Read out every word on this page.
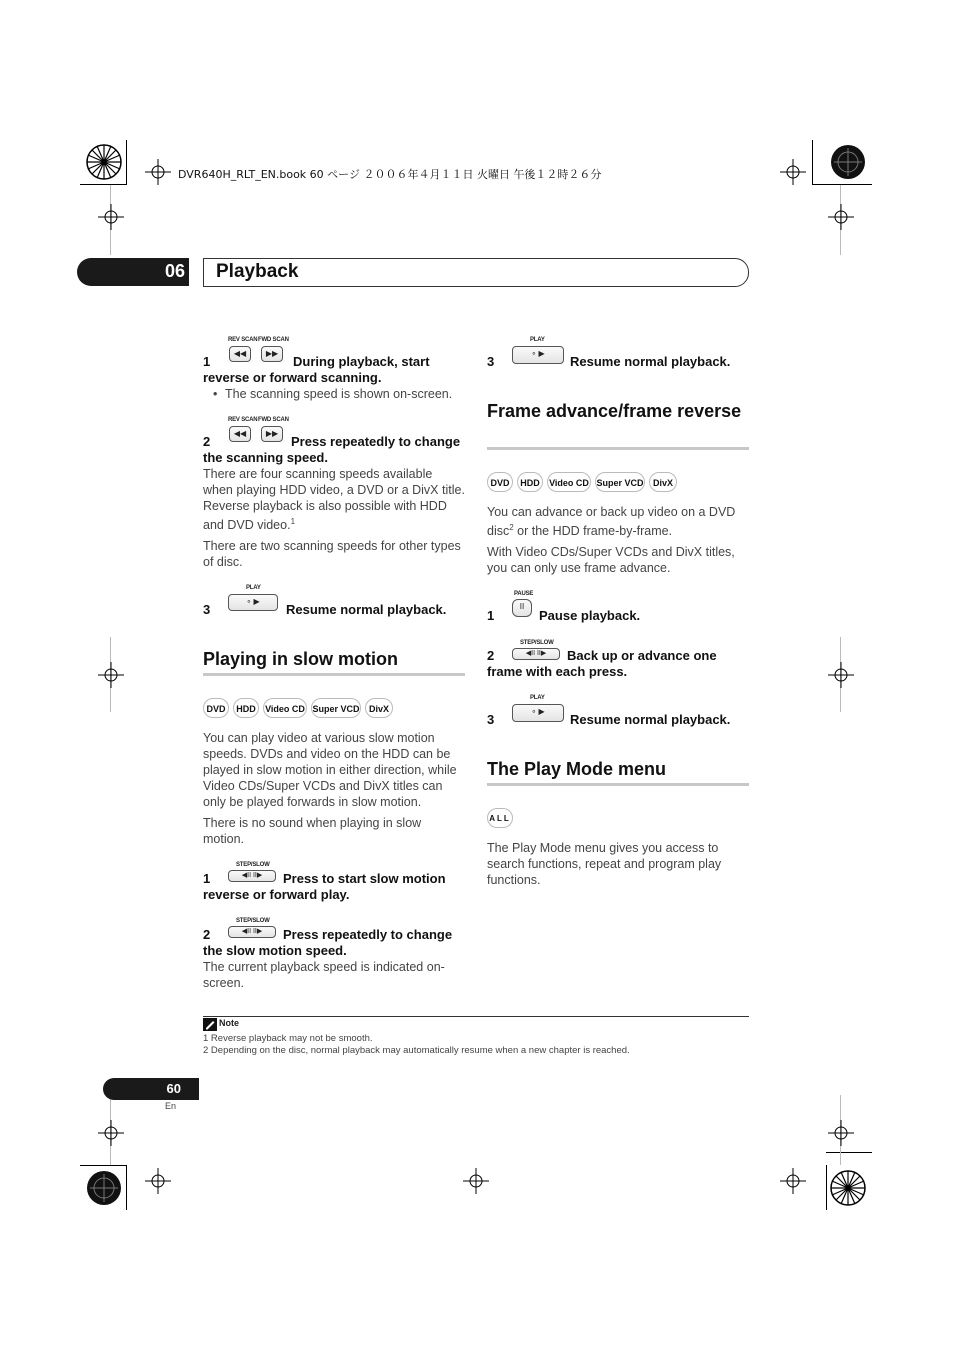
DVR640H_RLT_EN.book 60 ページ ２００６年４月１１日 火曜日 午後１２時２６分
06 Playback
REV SCAN FWD SCAN
◀◀	▶▶
1	During playback, start reverse or forward scanning.
• The scanning speed is shown on-screen.
REV SCAN FWD SCAN
◀◀	▶▶
2	Press repeatedly to change the scanning speed.
There are four scanning speeds available when playing HDD video, a DVD or a DivX title. Reverse playback is also possible with HDD and DVD video.$^1$
There are two scanning speeds for other types of disc.
PLAY
∘ ▶
3	Resume normal playback.
Playing in slow motion
DVD	HDD	Video CD Super VCD	DivX
You can play video at various slow motion speeds. DVDs and video on the HDD can be played in slow motion in either direction, while Video CDs/Super VCDs and DivX titles can only be played forwards in slow motion.
There is no sound when playing in slow motion.
STEP/SLOW
◀II II▶
1	Press to start slow motion reverse or forward play.
STEP/SLOW
◀II II▶
2	Press repeatedly to change the slow motion speed.
The current playback speed is indicated on-screen.
PLAY
∘ ▶
3	Resume normal playback.
Frame advance/frame reverse
DVD	HDD	Video CD Super VCD	DivX
You can advance or back up video on a DVD disc$^2$ or the HDD frame-by-frame.
With Video CDs/Super VCDs and DivX titles, you can only use frame advance.
PAUSE
II
1	Pause playback.
STEP/SLOW
◀II II▶
2	Back up or advance one frame with each press.
PLAY
∘ ▶
3	Resume normal playback.
The Play Mode menu
ALL
The Play Mode menu gives you access to search functions, repeat and program play functions.
Note
1 Reverse playback may not be smooth.
2 Depending on the disc, normal playback may automatically resume when a new chapter is reached.
60
En
